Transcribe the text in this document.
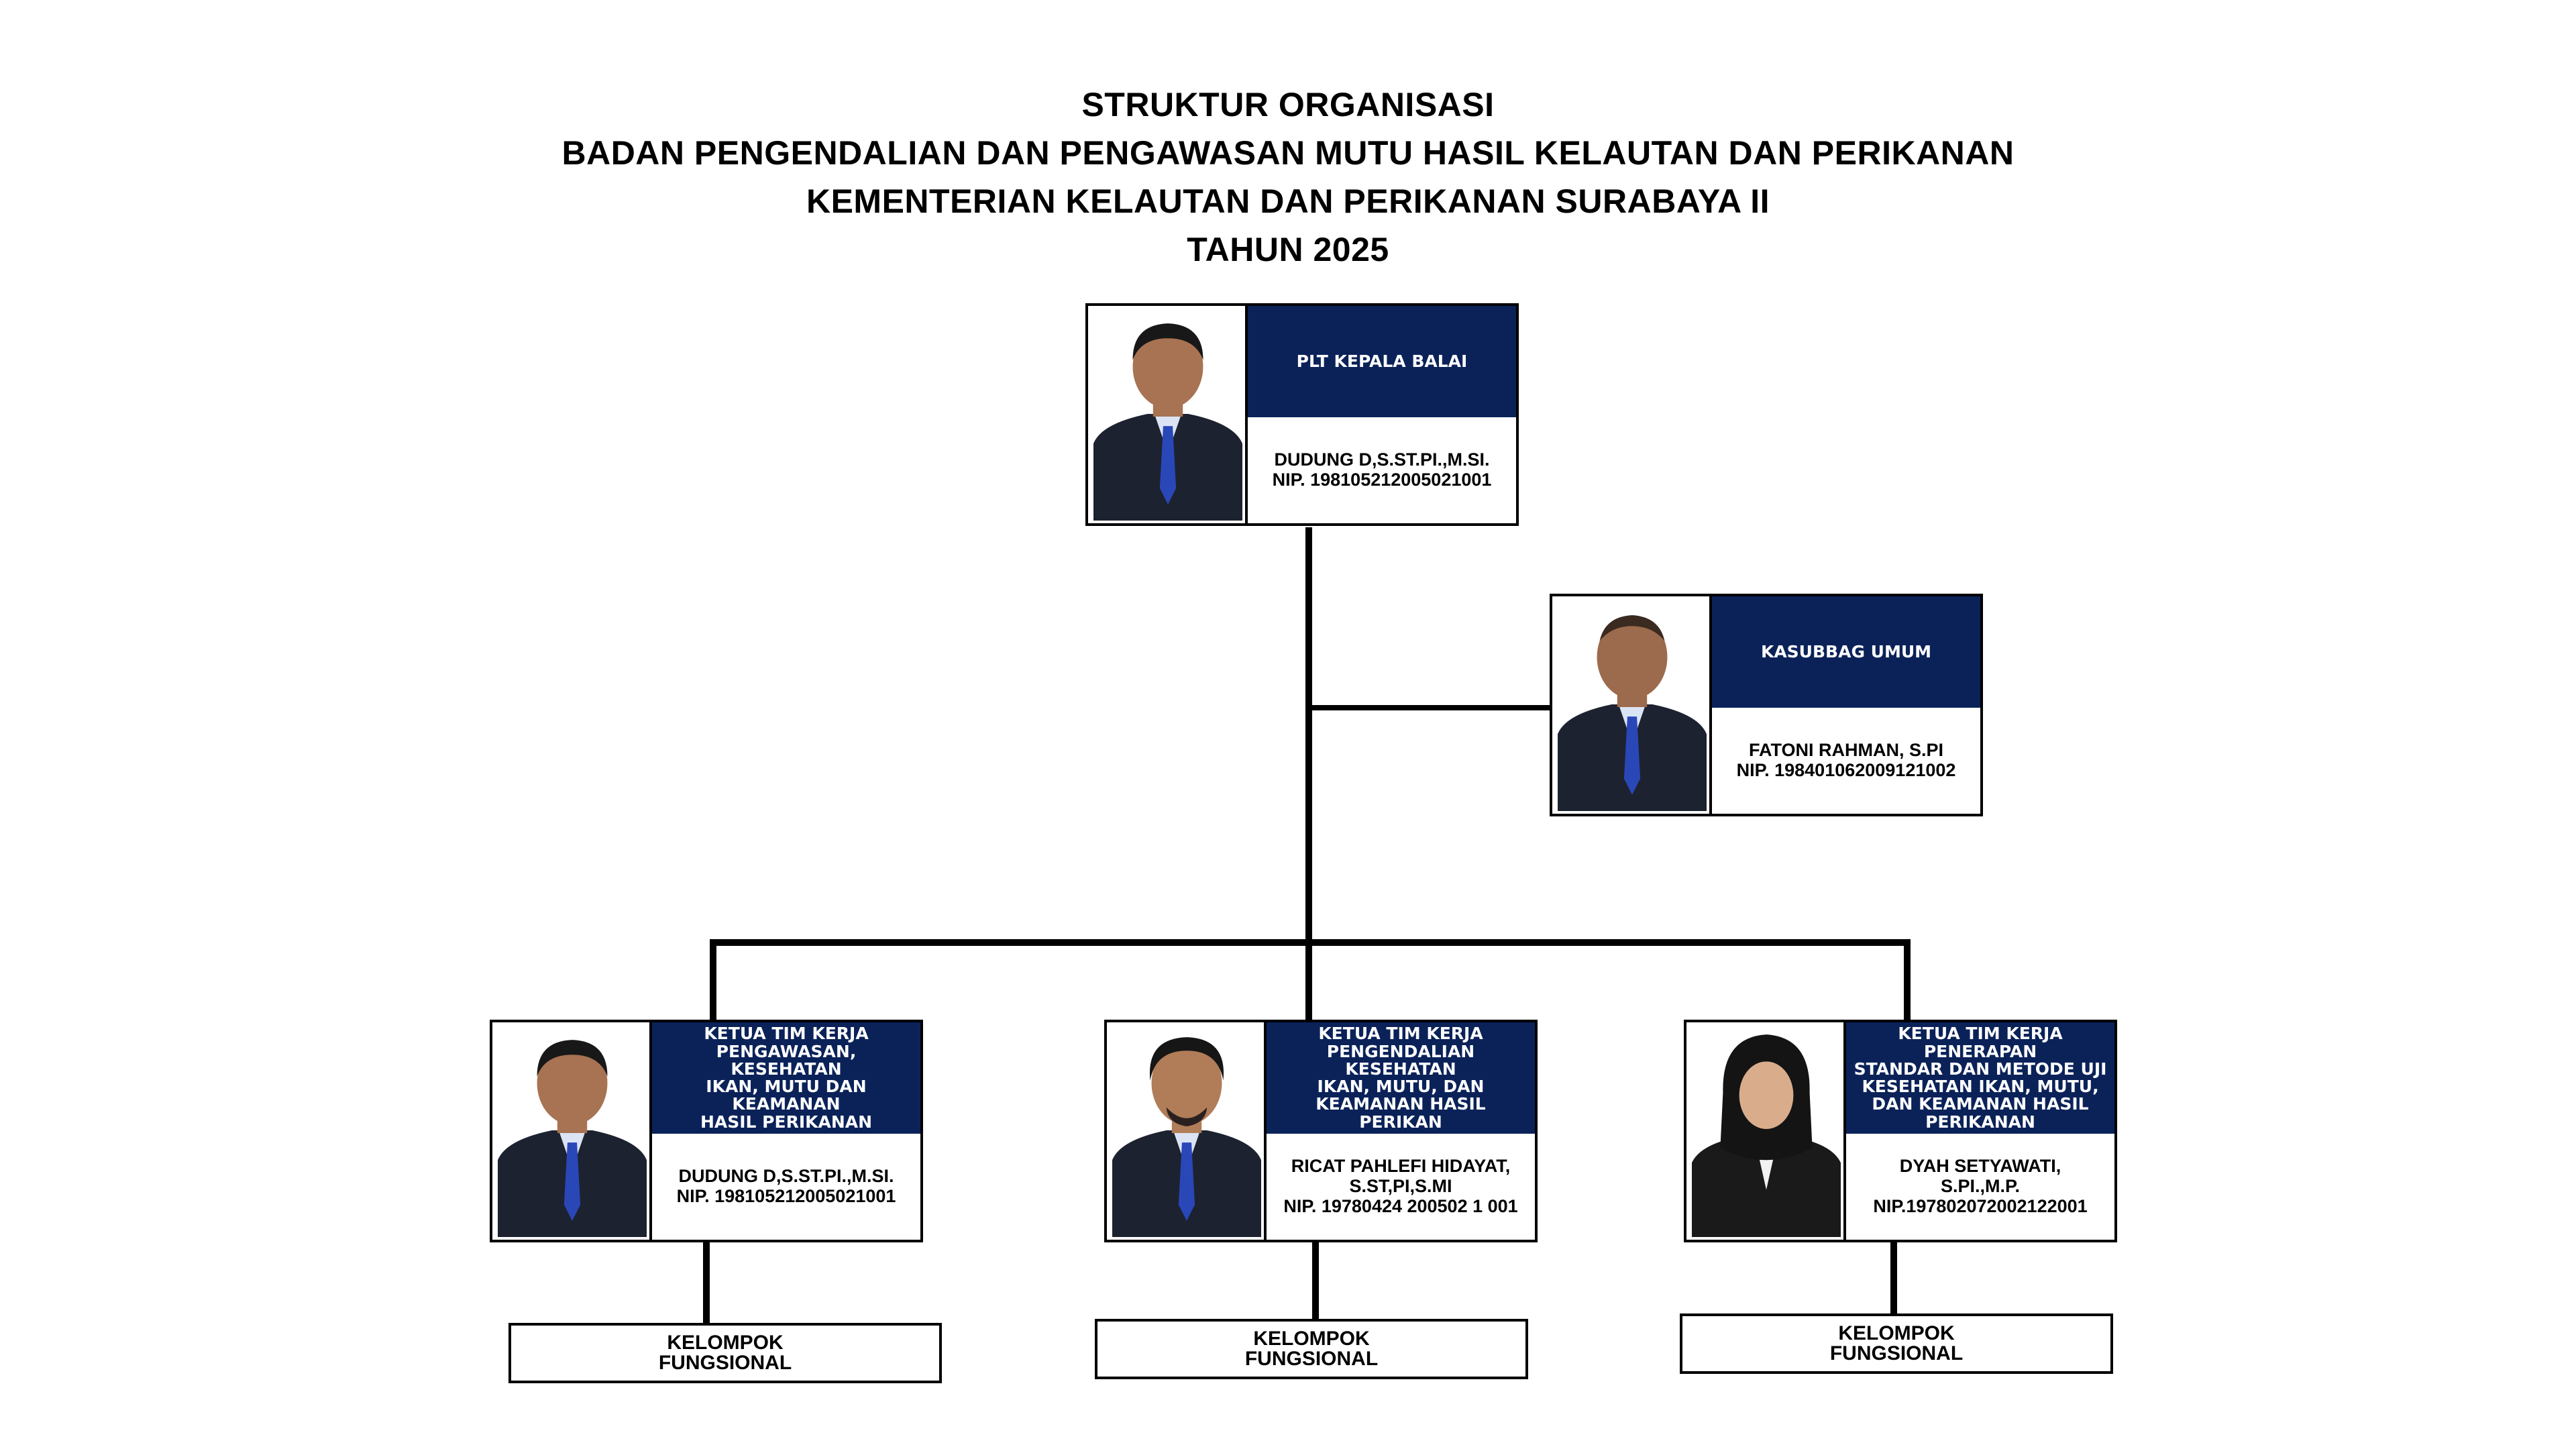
STRUKTUR ORGANISASI
BADAN PENGENDALIAN DAN PENGAWASAN MUTU HASIL KELAUTAN DAN PERIKANAN
KEMENTERIAN KELAUTAN DAN PERIKANAN SURABAYA II
TAHUN 2025
PLT KEPALA BALAI
DUDUNG D,S.ST.PI.,M.SI.
NIP. 198105212005021001
KASUBBAG UMUM
FATONI RAHMAN, S.PI
NIP. 198401062009121002
KETUA TIM KERJA
PENGAWASAN, KESEHATAN
IKAN, MUTU DAN KEAMANAN
HASIL PERIKANAN
DUDUNG D,S.ST.PI.,M.SI.
NIP. 198105212005021001
KETUA TIM KERJA
PENGENDALIAN KESEHATAN
IKAN, MUTU, DAN
KEAMANAN HASIL PERIKAN
RICAT PAHLEFI HIDAYAT,
S.ST,PI,S.MI
NIP. 19780424 200502 1 001
KETUA TIM KERJA PENERAPAN
STANDAR DAN METODE UJI
KESEHATAN IKAN, MUTU,
DAN KEAMANAN HASIL
PERIKANAN
DYAH SETYAWATI,
S.PI.,M.P.
NIP.197802072002122001
KELOMPOK
FUNGSIONAL
KELOMPOK
FUNGSIONAL
KELOMPOK
FUNGSIONAL
